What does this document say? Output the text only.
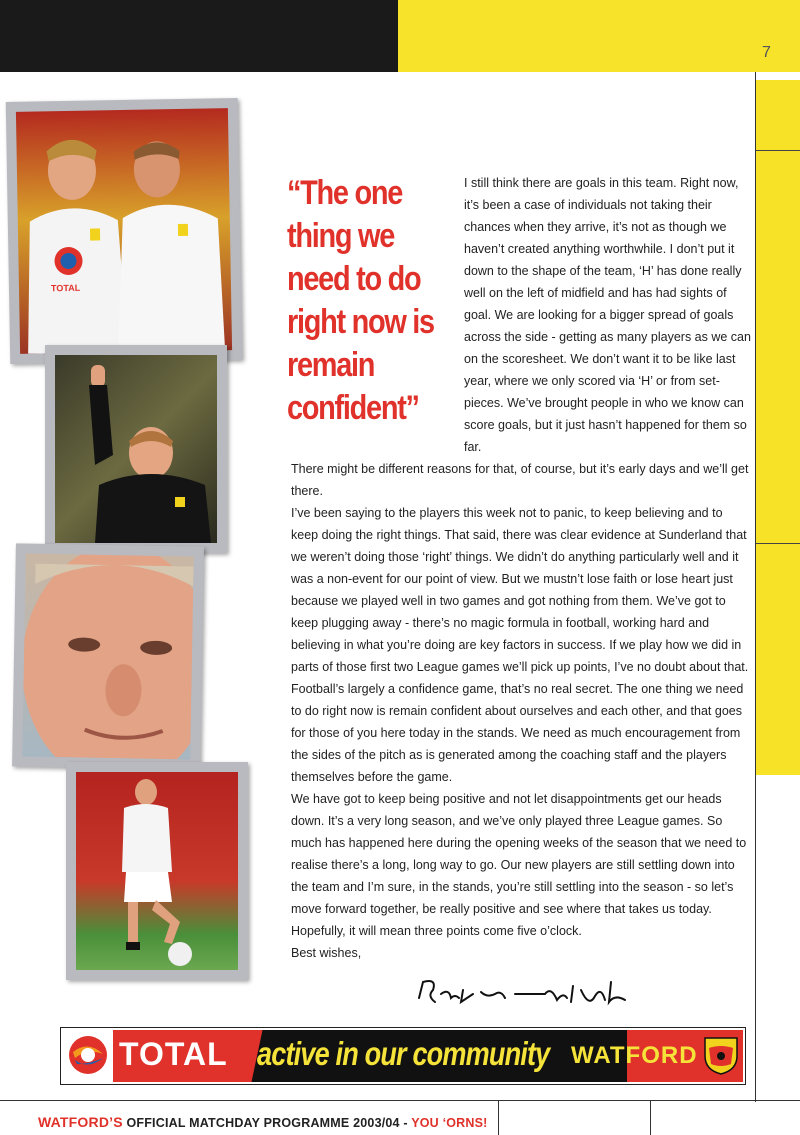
7
TOTAL
“The one thing we need to do right now is remain confident”

I still think there are goals in this team. Right now, it’s been a case of individuals not taking their chances when they arrive, it’s not as though we haven’t created anything worthwhile. I don’t put it down to the shape of the team, ‘H’ has done really well on the left of midfield and has had sights of goal. We are looking for a bigger spread of goals across the side - getting as many players as we can on the scoresheet. We don’t want it to be like last year, where we only scored via ‘H’ or from set-pieces. We’ve brought people in who we know can score goals, but it just hasn’t happened for them so far.

There might be different reasons for that, of course, but it’s early days and we’ll get there.

I’ve been saying to the players this week not to panic, to keep believing and to keep doing the right things. That said, there was clear evidence at Sunderland that we weren’t doing those ‘right’ things. We didn’t do anything particularly well and it was a non-event for our point of view. But we mustn’t lose faith or lose heart just because we played well in two games and got nothing from them. We’ve got to keep plugging away - there’s no magic formula in football, working hard and believing in what you’re doing are key factors in success. If we play how we did in parts of those first two League games we’ll pick up points, I’ve no doubt about that.

Football’s largely a confidence game, that’s no real secret. The one thing we need to do right now is remain confident about ourselves and each other, and that goes for those of you here today in the stands. We need as much encouragement from the sides of the pitch as is generated among the coaching staff and the players themselves before the game.

We have got to keep being positive and not let disappointments get our heads down. It’s a very long season, and we’ve only played three League games. So much has happened here during the opening weeks of the season that we need to realise there’s a long, long way to go. Our new players are still settling down into the team and I’m sure, in the stands, you’re still settling into the season - so let’s move forward together, be really positive and see where that takes us today. Hopefully, it will mean three points come five o’clock.

Best wishes,

TOTAL active in our community WATFORD
WATFORD’S OFFICIAL MATCHDAY PROGRAMME 2003/04 - YOU ‘ORNS!
